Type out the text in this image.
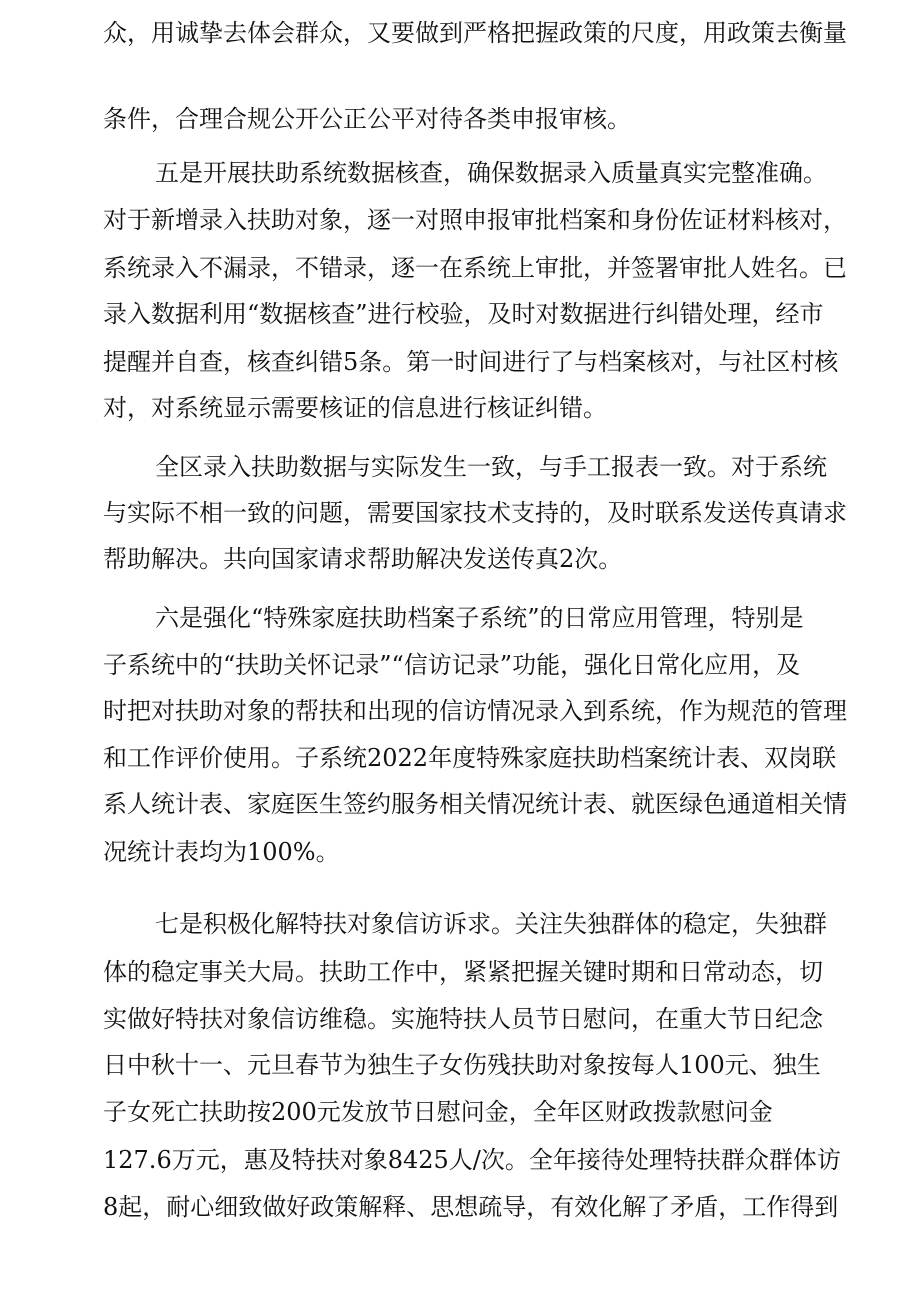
众，用诚挚去体会群众，又要做到严格把握政策的尺度，用政策去衡量
条件，合理合规公开公正公平对待各类申报审核。
五是开展扶助系统数据核查，确保数据录入质量真实完整准确。
对于新增录入扶助对象，逐一对照申报审批档案和身份佐证材料核对，
系统录入不漏录，不错录，逐一在系统上审批，并签署审批人姓名。已
录入数据利用“数据核查”进行校验，及时对数据进行纠错处理，经市
提醒并自查，核查纠错5条。第一时间进行了与档案核对，与社区村核
对，对系统显示需要核证的信息进行核证纠错。
全区录入扶助数据与实际发生一致，与手工报表一致。对于系统
与实际不相一致的问题，需要国家技术支持的，及时联系发送传真请求
帮助解决。共向国家请求帮助解决发送传真2次。
六是强化“特殊家庭扶助档案子系统”的日常应用管理，特别是
子系统中的“扶助关怀记录”“信访记录”功能，强化日常化应用，及
时把对扶助对象的帮扶和出现的信访情况录入到系统，作为规范的管理
和工作评价使用。子系统2022年度特殊家庭扶助档案统计表、双岗联
系人统计表、家庭医生签约服务相关情况统计表、就医绿色通道相关情
况统计表均为100%。
七是积极化解特扶对象信访诉求。关注失独群体的稳定，失独群
体的稳定事关大局。扶助工作中，紧紧把握关键时期和日常动态，切
实做好特扶对象信访维稳。实施特扶人员节日慰问，在重大节日纪念
日中秋十一、元旦春节为独生子女伤残扶助对象按每人100元、独生
子女死亡扶助按200元发放节日慰问金，全年区财政拨款慰问金
127.6万元，惠及特扶对象8425人/次。全年接待处理特扶群众群体访
8起，耐心细致做好政策解释、思想疏导，有效化解了矛盾，工作得到
